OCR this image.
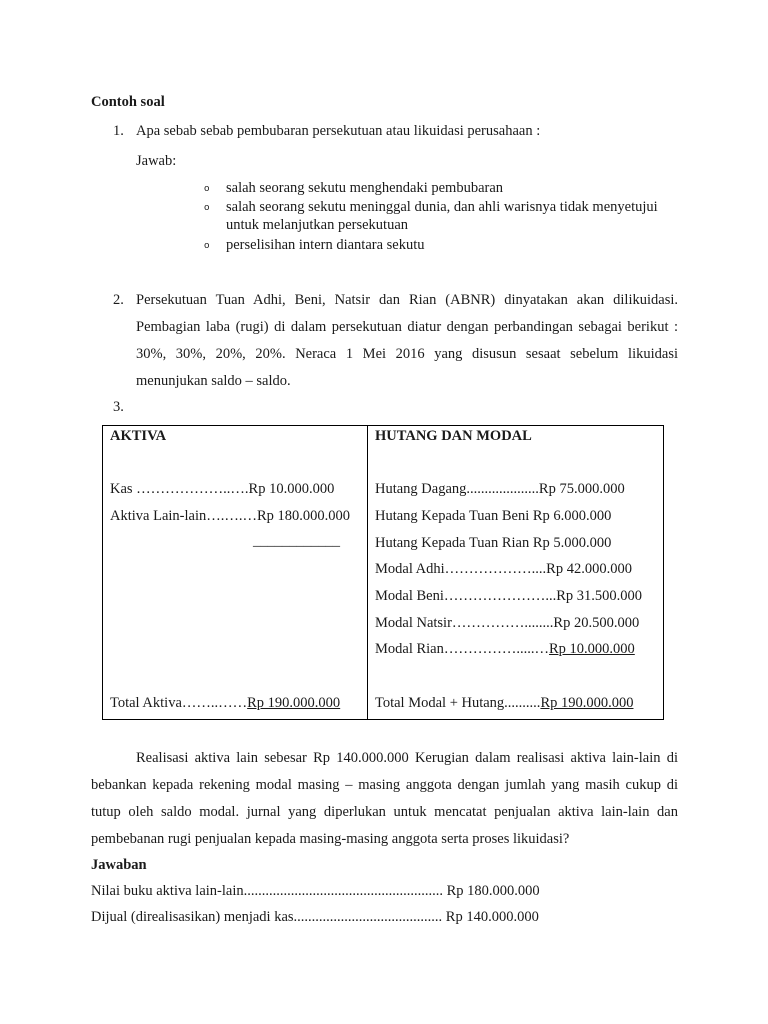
Contoh soal
1. Apa sebab sebab pembubaran persekutuan atau likuidasi perusahaan :
Jawab:
o salah seorang sekutu menghendaki pembubaran
o salah seorang sekutu meninggal dunia, dan ahli warisnya tidak menyetujui
untuk melanjutkan persekutuan
o perselisihan intern diantara sekutu
2. Persekutuan Tuan Adhi, Beni, Natsir dan Rian (ABNR) dinyatakan akan dilikuidasi.
Pembagian laba (rugi) di dalam persekutuan diatur dengan perbandingan sebagai berikut :
30%, 30%, 20%, 20%. Neraca 1 Mei 2016 yang disusun sesaat sebelum likuidasi
menunjukan saldo – saldo.
3.
AKTIVA	HUTANG DAN MODAL
Kas ………………..….Rp 10.000.000
Aktiva Lain-lain….….…Rp 180.000.000
____________
Hutang Dagang....................Rp 75.000.000
Hutang Kepada Tuan Beni Rp 6.000.000
Hutang Kepada Tuan Rian Rp 5.000.000
Modal Adhi………………....Rp 42.000.000
Modal Beni…………………...Rp 31.500.000
Modal Natsir……………........Rp 20.500.000
Modal Rian…………….....…Rp 10.000.000
Total Aktiva……..……Rp 190.000.000 Total Modal + Hutang..........Rp 190.000.000
Realisasi aktiva lain sebesar Rp 140.000.000 Kerugian dalam realisasi aktiva lain-lain di
bebankan kepada rekening modal masing – masing anggota dengan jumlah yang masih cukup di
tutup oleh saldo modal. jurnal yang diperlukan untuk mencatat penjualan aktiva lain-lain dan
pembebanan rugi penjualan kepada masing-masing anggota serta proses likuidasi?
Jawaban
Nilai buku aktiva lain-lain....................................................... Rp 180.000.000
Dijual (direalisasikan) menjadi kas......................................... Rp 140.000.000
